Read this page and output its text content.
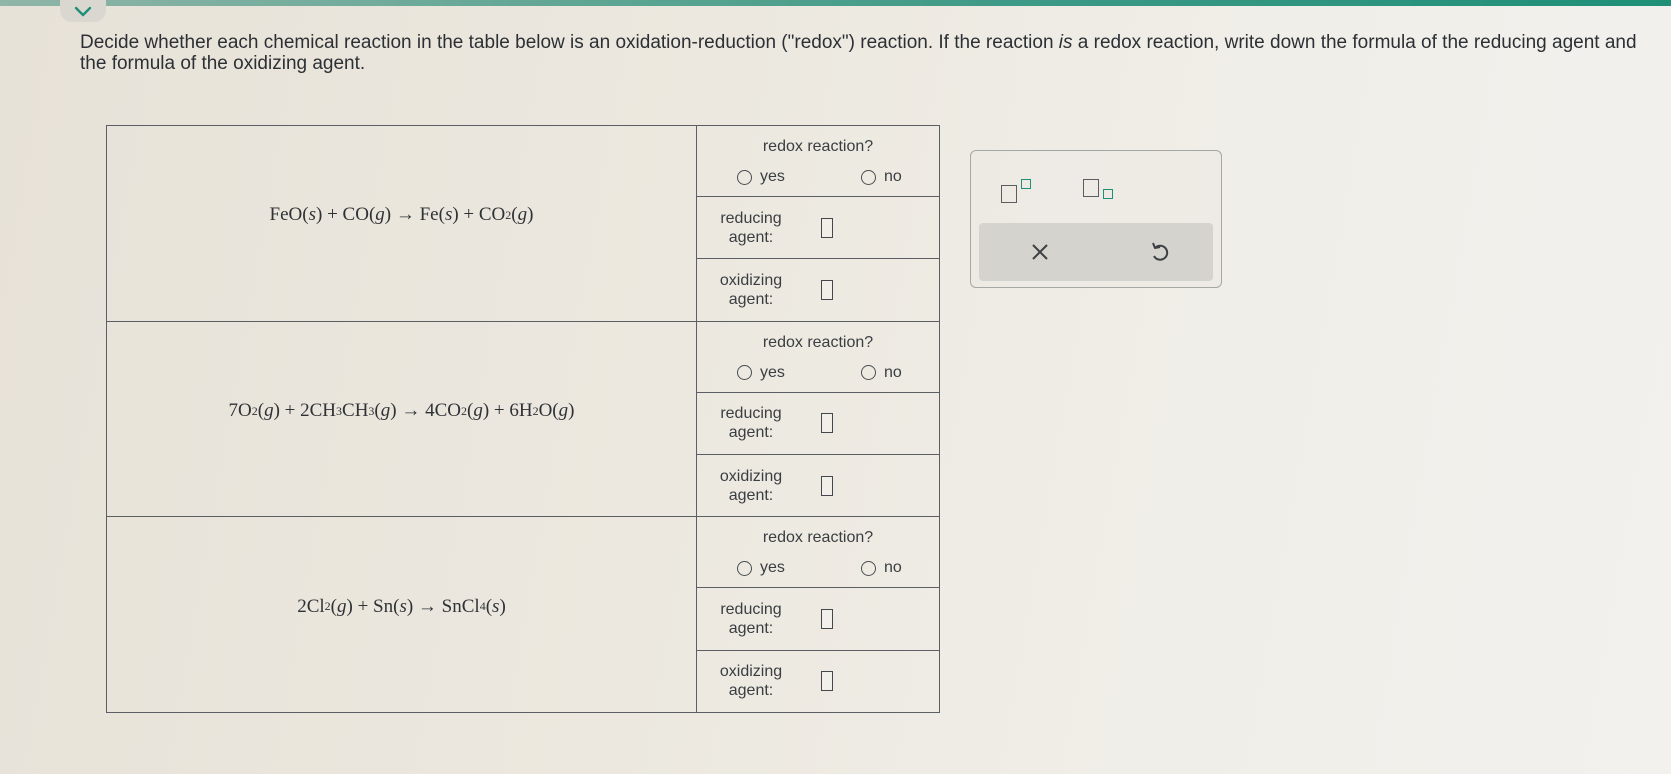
Decide whether each chemical reaction in the table below is an oxidation-reduction ("redox") reaction. If the reaction is a redox reaction, write down the formula of the reducing agent and the formula of the oxidizing agent.
FeO( s ) + CO( g ) → Fe( s ) + CO 2 ( g )
redox reaction?
yes	no
reducing
agent:
oxidizing
agent:
7O 2 ( g ) + 2CH 3 CH 3 ( g ) → 4CO 2 ( g ) + 6H 2 O( g )
redox reaction?
yes	no
reducing
agent:
oxidizing
agent:
2Cl 2 ( g ) + Sn( s ) → SnCl 4 ( s )
redox reaction?
yes	no
reducing
agent:
oxidizing
agent:
